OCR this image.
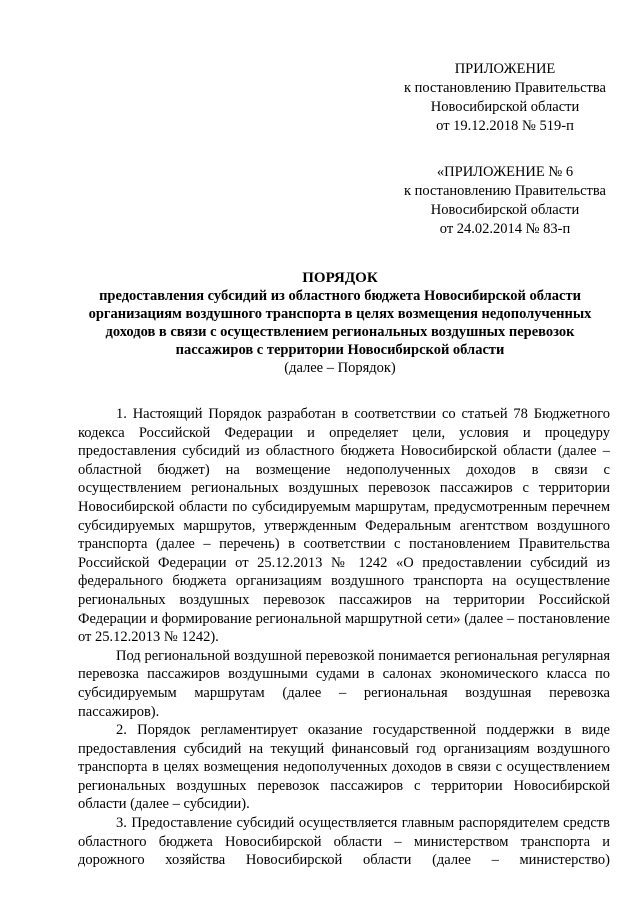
ПРИЛОЖЕНИЕ
к постановлению Правительства
Новосибирской области
от 19.12.2018 № 519-п
«ПРИЛОЖЕНИЕ № 6
к постановлению Правительства
Новосибирской области
от 24.02.2014 № 83-п
ПОРЯДОК
предоставления субсидий из областного бюджета Новосибирской области организациям воздушного транспорта в целях возмещения недополученных доходов в связи с осуществлением региональных воздушных перевозок пассажиров с территории Новосибирской области
(далее – Порядок)

1. Настоящий Порядок разработан в соответствии со статьей 78 Бюджетного кодекса Российской Федерации и определяет цели, условия и процедуру предоставления субсидий из областного бюджета Новосибирской области (далее – областной бюджет) на возмещение недополученных доходов в связи с осуществлением региональных воздушных перевозок пассажиров с территории Новосибирской области по субсидируемым маршрутам, предусмотренным перечнем субсидируемых маршрутов, утвержденным Федеральным агентством воздушного транспорта (далее – перечень) в соответствии с постановлением Правительства Российской Федерации от 25.12.2013 № 1242 «О предоставлении субсидий из федерального бюджета организациям воздушного транспорта на осуществление региональных воздушных перевозок пассажиров на территории Российской Федерации и формирование региональной маршрутной сети» (далее – постановление от 25.12.2013 № 1242).

Под региональной воздушной перевозкой понимается региональная регулярная перевозка пассажиров воздушными судами в салонах экономического класса по субсидируемым маршрутам (далее – региональная воздушная перевозка пассажиров).

2. Порядок регламентирует оказание государственной поддержки в виде предоставления субсидий на текущий финансовый год организациям воздушного транспорта в целях возмещения недополученных доходов в связи с осуществлением региональных воздушных перевозок пассажиров с территории Новосибирской области (далее – субсидии).

3. Предоставление субсидий осуществляется главным распорядителем средств областного бюджета Новосибирской области – министерством транспорта и дорожного хозяйства Новосибирской области (далее – министерство)
